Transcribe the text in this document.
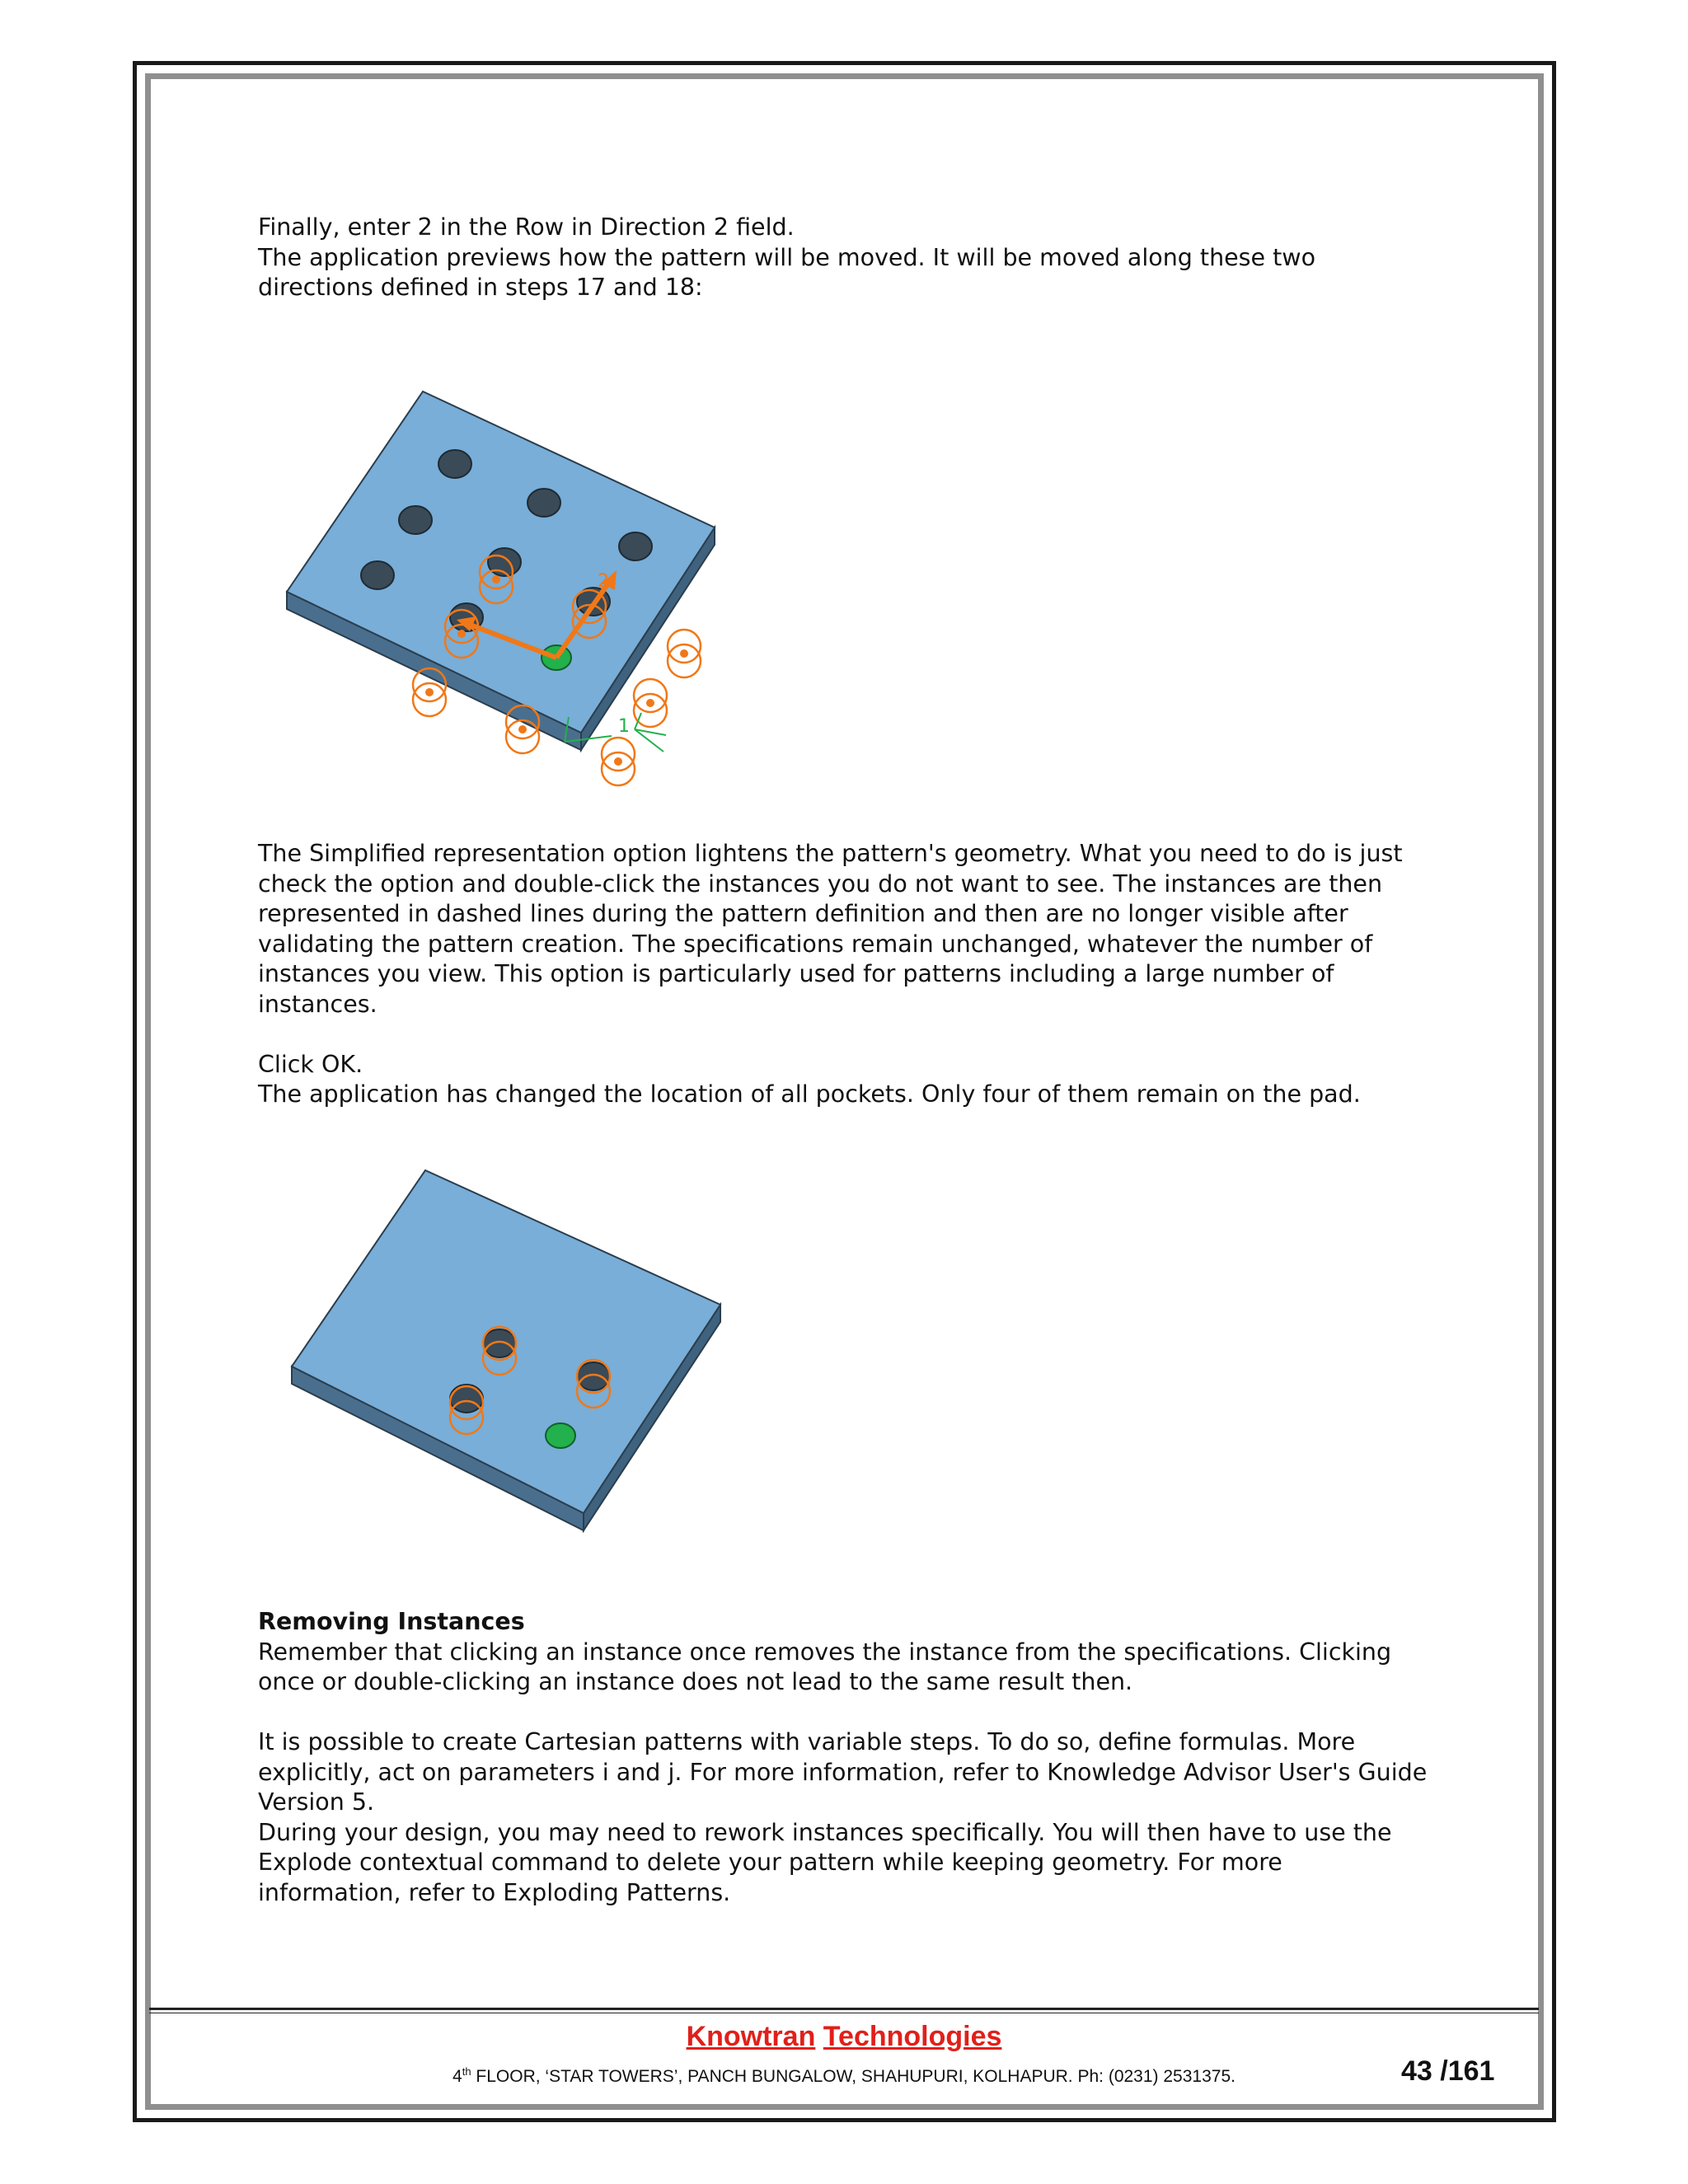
Finally, enter 2 in the Row in Direction 2 field.

The application previews how the pattern will be moved. It will be moved along these two directions defined in steps 17 and 18:

2
1

The Simplified representation option lightens the pattern's geometry. What you need to do is just check the option and double-click the instances you do not want to see. The instances are then represented in dashed lines during the pattern definition and then are no longer visible after validating the pattern creation. The specifications remain unchanged, whatever the number of instances you view. This option is particularly used for patterns including a large number of instances.

Click OK.

The application has changed the location of all pockets. Only four of them remain on the pad.

Removing Instances

Remember that clicking an instance once removes the instance from the specifications. Clicking once or double-clicking an instance does not lead to the same result then.

It is possible to create Cartesian patterns with variable steps. To do so, define formulas. More explicitly, act on parameters i and j. For more information, refer to Knowledge Advisor User's Guide Version 5.

During your design, you may need to rework instances specifically. You will then have to use the Explode contextual command to delete your pattern while keeping geometry. For more information, refer to Exploding Patterns.

Knowtran Technologies
4th FLOOR, ‘STAR TOWERS’, PANCH BUNGALOW, SHAHUPURI, KOLHAPUR. Ph: (0231) 2531375.	43 /161
